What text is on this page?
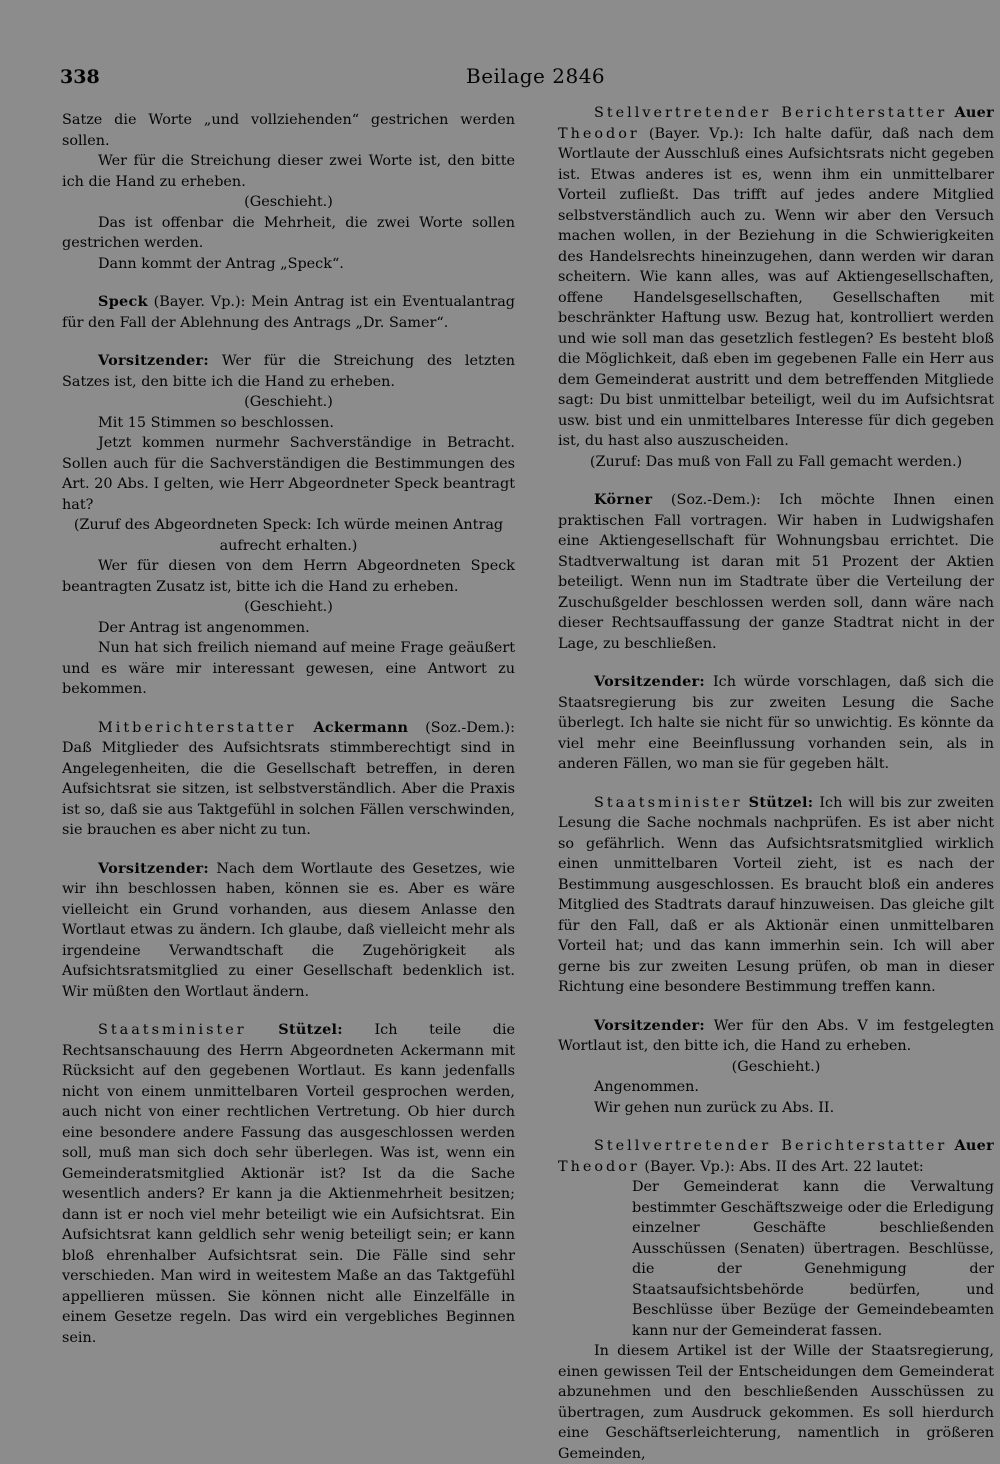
338	Beilage 2846

Satze die Worte „und vollziehenden“ gestrichen werden sollen.

Wer für die Streichung dieser zwei Worte ist, den bitte ich die Hand zu erheben.

(Geschieht.)

Das ist offenbar die Mehrheit, die zwei Worte sollen gestrichen werden.

Dann kommt der Antrag „Speck“.

Speck (Bayer. Vp.): Mein Antrag ist ein Eventualantrag für den Fall der Ablehnung des Antrags „Dr. Samer“.

Vorsitzender: Wer für die Streichung des letzten Satzes ist, den bitte ich die Hand zu erheben.

(Geschieht.)

Mit 15 Stimmen so beschlossen.

Jetzt kommen nurmehr Sachverständige in Betracht. Sollen auch für die Sachverständigen die Bestimmungen des Art. 20 Abs. I gelten, wie Herr Abgeordneter Speck beantragt hat?

(Zuruf des Abgeordneten Speck: Ich würde meinen Antrag aufrecht erhalten.)

Wer für diesen von dem Herrn Abgeordneten Speck beantragten Zusatz ist, bitte ich die Hand zu erheben.

(Geschieht.)

Der Antrag ist angenommen.

Nun hat sich freilich niemand auf meine Frage geäußert und es wäre mir interessant gewesen, eine Antwort zu bekommen.

Mitberichterstatter Ackermann (Soz.-Dem.): Daß Mitglieder des Aufsichtsrats stimmberechtigt sind in Angelegenheiten, die die Gesellschaft betreffen, in deren Aufsichtsrat sie sitzen, ist selbstverständlich. Aber die Praxis ist so, daß sie aus Taktgefühl in solchen Fällen verschwinden, sie brauchen es aber nicht zu tun.

Vorsitzender: Nach dem Wortlaute des Gesetzes, wie wir ihn beschlossen haben, können sie es. Aber es wäre vielleicht ein Grund vorhanden, aus diesem Anlasse den Wortlaut etwas zu ändern. Ich glaube, daß vielleicht mehr als irgendeine Verwandtschaft die Zugehörigkeit als Aufsichtsratsmitglied zu einer Gesellschaft bedenklich ist. Wir müßten den Wortlaut ändern.

Staatsminister Stützel: Ich teile die Rechtsanschauung des Herrn Abgeordneten Ackermann mit Rücksicht auf den gegebenen Wortlaut. Es kann jedenfalls nicht von einem unmittelbaren Vorteil gesprochen werden, auch nicht von einer rechtlichen Vertretung. Ob hier durch eine besondere andere Fassung das ausgeschlossen werden soll, muß man sich doch sehr überlegen. Was ist, wenn ein Gemeinderatsmitglied Aktionär ist? Ist da die Sache wesentlich anders? Er kann ja die Aktienmehrheit besitzen; dann ist er noch viel mehr beteiligt wie ein Aufsichtsrat. Ein Aufsichtsrat kann geldlich sehr wenig beteiligt sein; er kann bloß ehrenhalber Aufsichtsrat sein. Die Fälle sind sehr verschieden. Man wird in weitestem Maße an das Taktgefühl appellieren müssen. Sie können nicht alle Einzelfälle in einem Gesetze regeln. Das wird ein vergebliches Beginnen sein.

Stellvertretender Berichterstatter Auer Theodor (Bayer. Vp.): Ich halte dafür, daß nach dem Wortlaute der Ausschluß eines Aufsichtsrats nicht gegeben ist. Etwas anderes ist es, wenn ihm ein unmittelbarer Vorteil zufließt. Das trifft auf jedes andere Mitglied selbstverständlich auch zu. Wenn wir aber den Versuch machen wollen, in der Beziehung in die Schwierigkeiten des Handelsrechts hineinzugehen, dann werden wir daran scheitern. Wie kann alles, was auf Aktiengesellschaften, offene Handelsgesellschaften, Gesellschaften mit beschränkter Haftung usw. Bezug hat, kontrolliert werden und wie soll man das gesetzlich festlegen? Es besteht bloß die Möglichkeit, daß eben im gegebenen Falle ein Herr aus dem Gemeinderat austritt und dem betreffenden Mitgliede sagt: Du bist unmittelbar beteiligt, weil du im Aufsichtsrat usw. bist und ein unmittelbares Interesse für dich gegeben ist, du hast also auszuscheiden.

(Zuruf: Das muß von Fall zu Fall gemacht werden.)

Körner (Soz.-Dem.): Ich möchte Ihnen einen praktischen Fall vortragen. Wir haben in Ludwigshafen eine Aktiengesellschaft für Wohnungsbau errichtet. Die Stadtverwaltung ist daran mit 51 Prozent der Aktien beteiligt. Wenn nun im Stadtrate über die Verteilung der Zuschußgelder beschlossen werden soll, dann wäre nach dieser Rechtsauffassung der ganze Stadtrat nicht in der Lage, zu beschließen.

Vorsitzender: Ich würde vorschlagen, daß sich die Staatsregierung bis zur zweiten Lesung die Sache überlegt. Ich halte sie nicht für so unwichtig. Es könnte da viel mehr eine Beeinflussung vorhanden sein, als in anderen Fällen, wo man sie für gegeben hält.

Staatsminister Stützel: Ich will bis zur zweiten Lesung die Sache nochmals nachprüfen. Es ist aber nicht so gefährlich. Wenn das Aufsichtsratsmitglied wirklich einen unmittelbaren Vorteil zieht, ist es nach der Bestimmung ausgeschlossen. Es braucht bloß ein anderes Mitglied des Stadtrats darauf hinzuweisen. Das gleiche gilt für den Fall, daß er als Aktionär einen unmittelbaren Vorteil hat; und das kann immerhin sein. Ich will aber gerne bis zur zweiten Lesung prüfen, ob man in dieser Richtung eine besondere Bestimmung treffen kann.

Vorsitzender: Wer für den Abs. V im festgelegten Wortlaut ist, den bitte ich, die Hand zu erheben.

(Geschieht.)

Angenommen.

Wir gehen nun zurück zu Abs. II.

Stellvertretender Berichterstatter Auer Theodor (Bayer. Vp.): Abs. II des Art. 22 lautet:

Der Gemeinderat kann die Verwaltung bestimmter Geschäftszweige oder die Erledigung einzelner Geschäfte beschließenden Ausschüssen (Senaten) übertragen. Beschlüsse, die der Genehmigung der Staatsaufsichtsbehörde bedürfen, und Beschlüsse über Bezüge der Gemeindebeamten kann nur der Gemeinderat fassen.

In diesem Artikel ist der Wille der Staatsregierung, einen gewissen Teil der Entscheidungen dem Gemeinderat abzunehmen und den beschließenden Ausschüssen zu übertragen, zum Ausdruck gekommen. Es soll hierdurch eine Geschäftserleichterung, namentlich in größeren Gemeinden,
